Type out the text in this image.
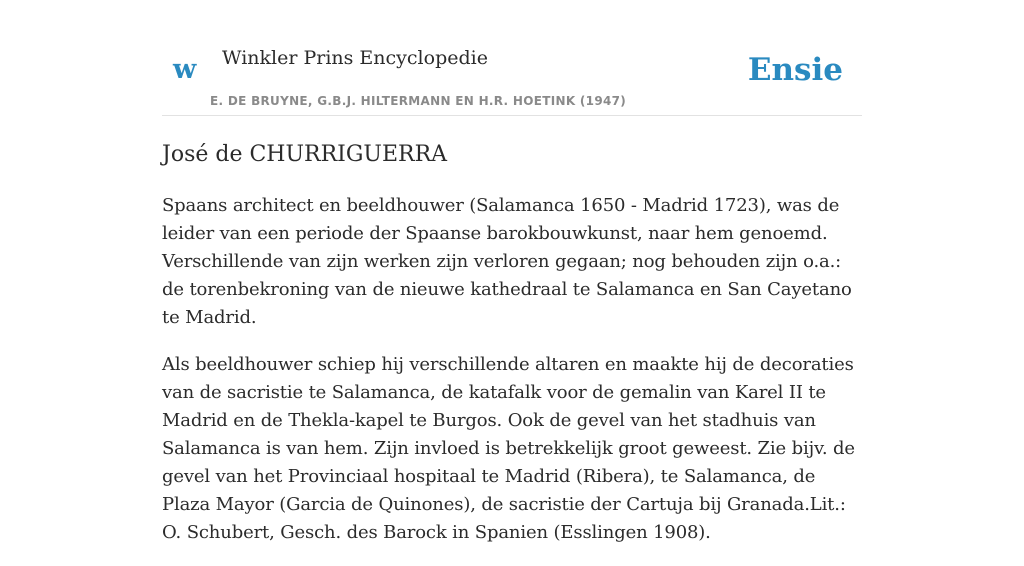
w Winkler Prins Encyclopedie
E. DE BRUYNE, G.B.J. HILTERMANN EN H.R. HOETINK (1947)
Ensie
José de CHURRIGUERRA

Spaans architect en beeldhouwer (Salamanca 1650 - Madrid 1723), was de leider van een periode der Spaanse barokbouwkunst, naar hem genoemd. Verschillende van zijn werken zijn verloren gegaan; nog behouden zijn o.a.: de torenbekroning van de nieuwe kathedraal te Salamanca en San Cayetano te Madrid.

Als beeldhouwer schiep hij verschillende altaren en maakte hij de decoraties van de sacristie te Salamanca, de katafalk voor de gemalin van Karel II te Madrid en de Thekla-kapel te Burgos. Ook de gevel van het stadhuis van Salamanca is van hem. Zijn invloed is betrekkelijk groot geweest. Zie bijv. de gevel van het Provinciaal hospitaal te Madrid (Ribera), te Salamanca, de Plaza Mayor (Garcia de Quinones), de sacristie der Cartuja bij Granada.Lit.: O. Schubert, Gesch. des Barock in Spanien (Esslingen 1908).
